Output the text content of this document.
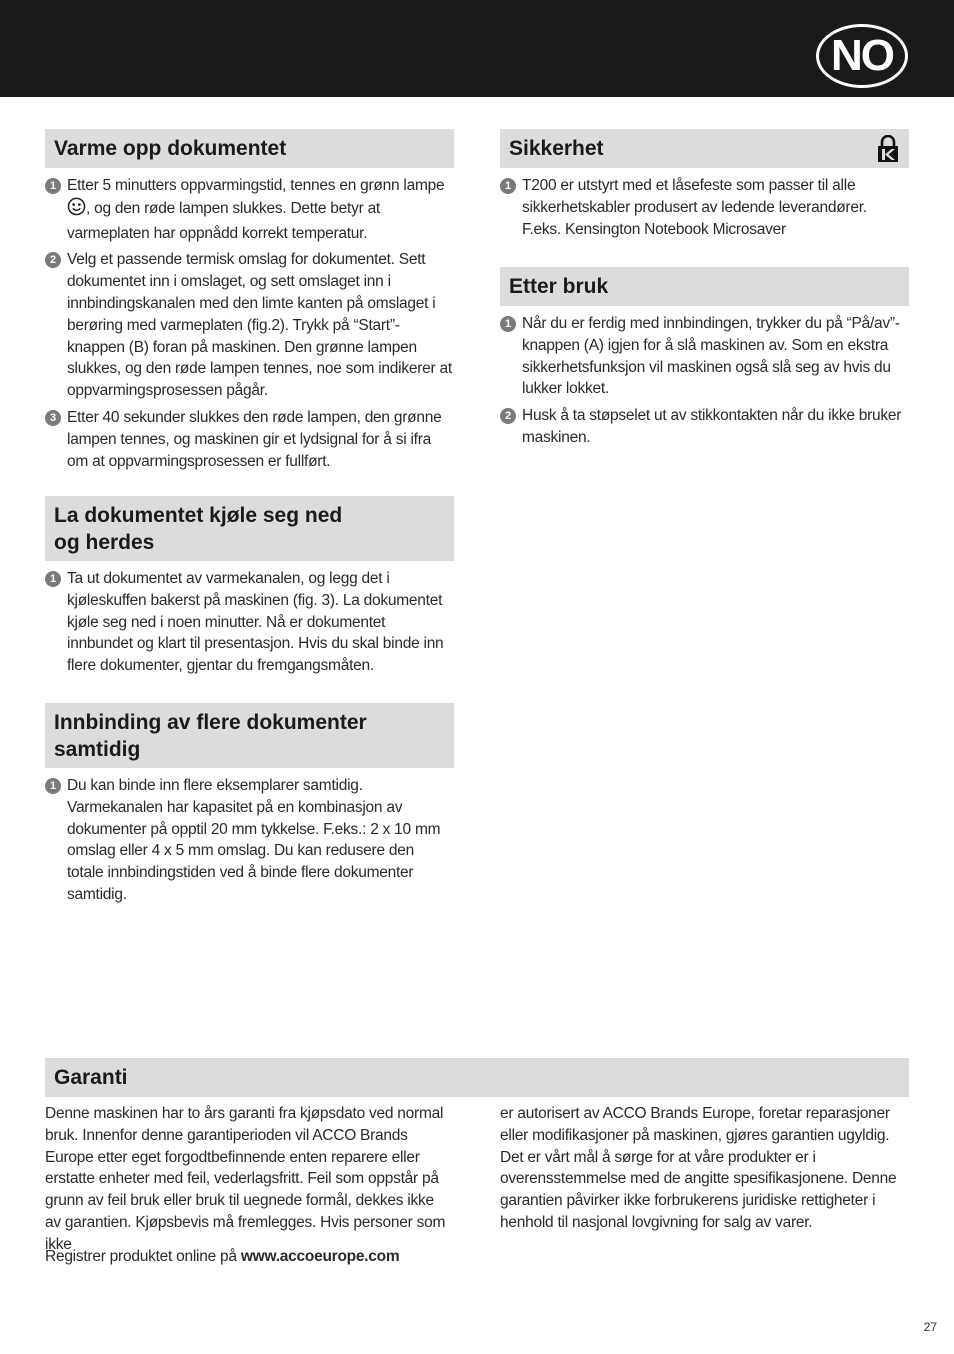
NO
Varme opp dokumentet
1 Etter 5 minutters oppvarmingstid, tennes en grønn lampe , og den røde lampen slukkes. Dette betyr at varmeplaten har oppnådd korrekt temperatur.
2 Velg et passende termisk omslag for dokumentet. Sett dokumentet inn i omslaget, og sett omslaget inn i innbindingskanalen med den limte kanten på omslaget i berøring med varmeplaten (fig.2). Trykk på “Start”-knappen (B) foran på maskinen. Den grønne lampen slukkes, og den røde lampen tennes, noe som indikerer at oppvarmingsprosessen pågår.
3 Etter 40 sekunder slukkes den røde lampen, den grønne lampen tennes, og maskinen gir et lydsignal for å si ifra om at oppvarmingsprosessen er fullført.
La dokumentet kjøle seg ned
og herdes
1 Ta ut dokumentet av varmekanalen, og legg det i kjøleskuffen bakerst på maskinen (fig. 3). La dokumentet kjøle seg ned i noen minutter. Nå er dokumentet innbundet og klart til presentasjon. Hvis du skal binde inn flere dokumenter, gjentar du fremgangsmåten.
Innbinding av flere dokumenter
samtidig
1 Du kan binde inn flere eksemplarer samtidig. Varmekanalen har kapasitet på en kombinasjon av dokumenter på opptil 20 mm tykkelse. F.eks.: 2 x 10 mm omslag eller 4 x 5 mm omslag. Du kan redusere den totale innbindingstiden ved å binde flere dokumenter samtidig.
Sikkerhet
1 T200 er utstyrt med et låsefeste som passer til alle sikkerhetskabler produsert av ledende leverandører. F.eks. Kensington Notebook Microsaver
Etter bruk
1 Når du er ferdig med innbindingen, trykker du på “På/av”-knappen (A) igjen for å slå maskinen av. Som en ekstra sikkerhetsfunksjon vil maskinen også slå seg av hvis du lukker lokket.
2 Husk å ta støpselet ut av stikkontakten når du ikke bruker maskinen.
Garanti
Denne maskinen har to års garanti fra kjøpsdato ved normal bruk. Innenfor denne garantiperioden vil ACCO Brands Europe etter eget forgodtbefinnende enten reparere eller erstatte enheter med feil, vederlagsfritt. Feil som oppstår på grunn av feil bruk eller bruk til uegnede formål, dekkes ikke av garantien. Kjøpsbevis må fremlegges. Hvis personer som ikke
er autorisert av ACCO Brands Europe, foretar reparasjoner eller modifikasjoner på maskinen, gjøres garantien ugyldig. Det er vårt mål å sørge for at våre produkter er i overensstemmelse med de angitte spesifikasjonene. Denne garantien påvirker ikke forbrukerens juridiske rettigheter i henhold til nasjonal lovgivning for salg av varer.
Registrer produktet online på www.accoeurope.com
27
